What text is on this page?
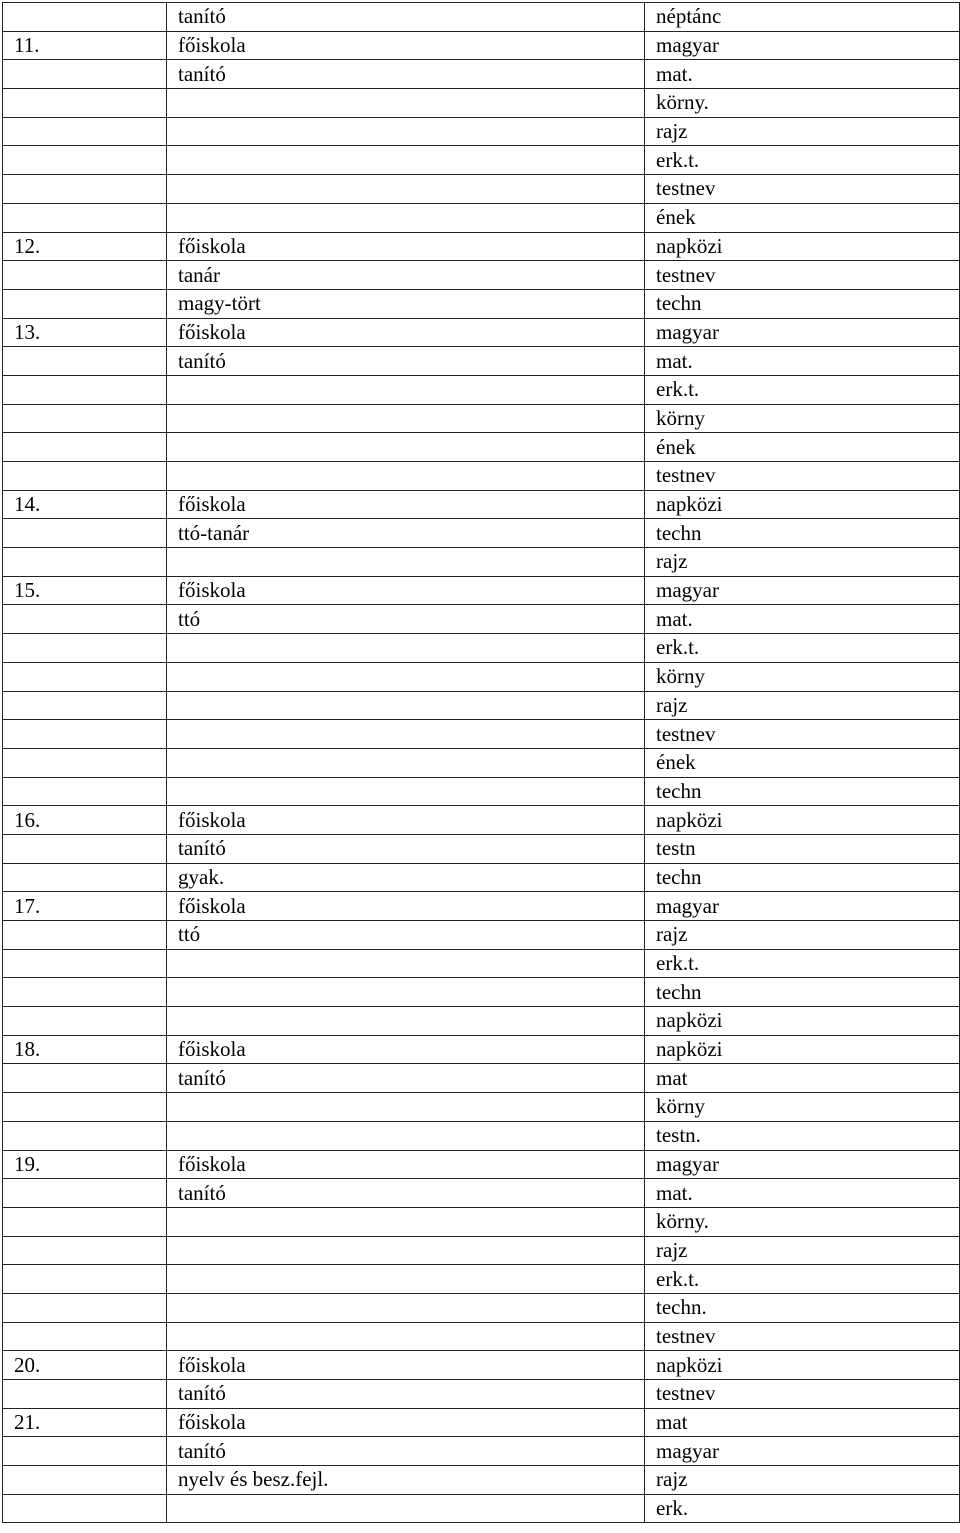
	tanító	néptánc
11.	főiskola	magyar
	tanító	mat.
		körny.
		rajz
		erk.t.
		testnev
		ének
12.	főiskola	napközi
	tanár	testnev
	magy-tört	techn
13.	főiskola	magyar
	tanító	mat.
		erk.t.
		körny
		ének
		testnev
14.	főiskola	napközi
	ttó-tanár	techn
		rajz
15.	főiskola	magyar
	ttó	mat.
		erk.t.
		körny
		rajz
		testnev
		ének
		techn
16.	főiskola	napközi
	tanító	testn
	gyak.	techn
17.	főiskola	magyar
	ttó	rajz
		erk.t.
		techn
		napközi
18.	főiskola	napközi
	tanító	mat
		körny
		testn.
19.	főiskola	magyar
	tanító	mat.
		körny.
		rajz
		erk.t.
		techn.
		testnev
20.	főiskola	napközi
	tanító	testnev
21.	főiskola	mat
	tanító	magyar
	nyelv és besz.fejl.	rajz
		erk.
